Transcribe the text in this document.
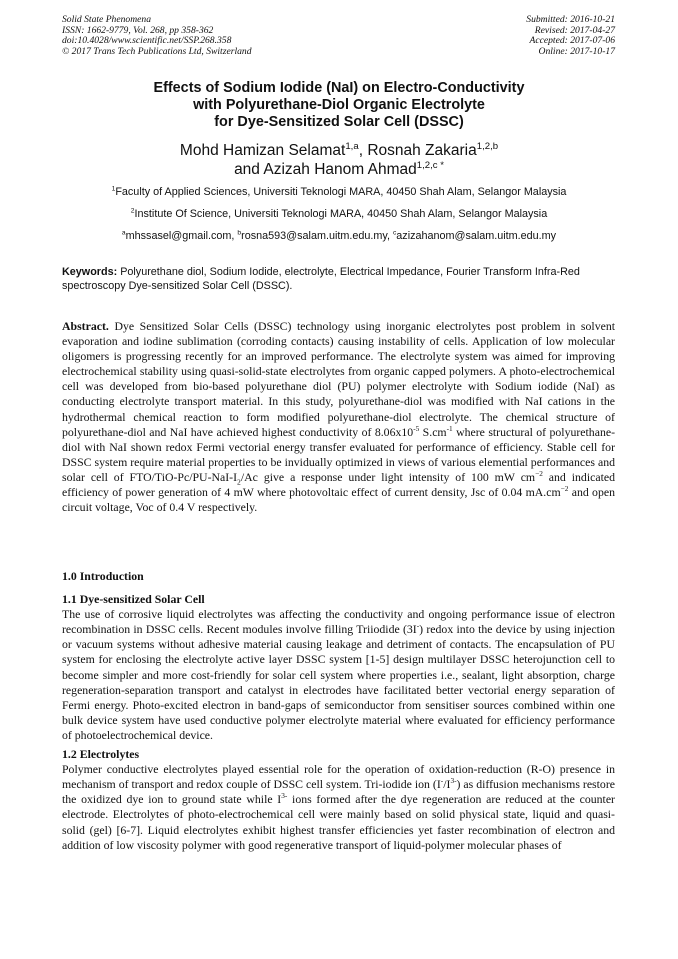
Solid State Phenomena
ISSN: 1662-9779, Vol. 268, pp 358-362
doi:10.4028/www.scientific.net/SSP.268.358
© 2017 Trans Tech Publications Ltd, Switzerland
Submitted: 2016-10-21
Revised: 2017-04-27
Accepted: 2017-07-06
Online: 2017-10-17
Effects of Sodium Iodide (NaI) on Electro-Conductivity
with Polyurethane-Diol Organic Electrolyte
for Dye-Sensitized Solar Cell (DSSC)
Mohd Hamizan Selamat$^{1,a}$, Rosnah Zakaria$^{1,2,b}$
and Azizah Hanom Ahmad$^{1,2,c *}$
$^1$Faculty of Applied Sciences, Universiti Teknologi MARA, 40450 Shah Alam, Selangor Malaysia
$^2$Institute Of Science, Universiti Teknologi MARA, 40450 Shah Alam, Selangor Malaysia
$^a$mhssasel@gmail.com, $^b$rosna593@salam.uitm.edu.my, $^c$azizahanom@salam.uitm.edu.my
Keywords: Polyurethane diol, Sodium Iodide, electrolyte, Electrical Impedance, Fourier Transform Infra-Red spectroscopy Dye-sensitized Solar Cell (DSSC).
Abstract. Dye Sensitized Solar Cells (DSSC) technology using inorganic electrolytes post problem in solvent evaporation and iodine sublimation (corroding contacts) causing instability of cells. Application of low molecular oligomers is progressing recently for an improved performance. The electrolyte system was aimed for improving electrochemical stability using quasi-solid-state electrolytes from organic capped polymers. A photo-electrochemical cell was developed from bio-based polyurethane diol (PU) polymer electrolyte with Sodium iodide (NaI) as conducting electrolyte transport material. In this study, polyurethane-diol was modified with NaI cations in the hydrothermal chemical reaction to form modified polyurethane-diol electrolyte. The chemical structure of polyurethane-diol and NaI have achieved highest conductivity of $8.06x10^{-5}$ $S.cm^{-1}$ where structural of polyurethane-diol with NaI shown redox Fermi vectorial energy transfer evaluated for performance of efficiency. Stable cell for DSSC system require material properties to be invidually optimized in views of various elemential performances and solar cell of FTO/$TiO-Pc/PU-NaI-I_2/Ac$ give a response under light intensity of 100 mW $cm^{-2}$ and indicated efficiency of power generation of 4 mW where photovoltaic effect of current density, Jsc of 0.04 $mA.cm^{-2}$ and open circuit voltage, Voc of 0.4 V respectively.

1.0 Introduction

1.1 Dye-sensitized Solar Cell

The use of corrosive liquid electrolytes was affecting the conductivity and ongoing performance issue of electron recombination in DSSC cells. Recent modules involve filling Triiodide (3I-) redox into the device by using injection or vacuum systems without adhesive material causing leakage and detriment of contacts. The encapsulation of PU system for enclosing the electrolyte active layer DSSC system [1-5] design multilayer DSSC heterojunction cell to become simpler and more cost-friendly for solar cell system where properties i.e., sealant, light absorption, charge regeneration-separation transport and catalyst in electrodes have facilitated better vectorial energy separation of Fermi energy. Photo-excited electron in band-gaps of semiconductor from sensitiser sources combined within one bulk device system have used conductive polymer electrolyte material where evaluated for efficiency performance of photoelectrochemical device.

1.2 Electrolytes

Polymer conductive electrolytes played essential role for the operation of oxidation-reduction (R-O) presence in mechanism of transport and redox couple of DSSC cell system. Tri-iodide ion $(I^-/I^{3-})$ as diffusion mechanisms restore the oxidized dye ion to ground state while $I^{3-}$ ions formed after the dye regeneration are reduced at the counter electrode. Electrolytes of photo-electrochemical cell were mainly based on solid physical state, liquid and quasi-solid (gel) [6-7]. Liquid electrolytes exhibit highest transfer efficiencies yet faster recombination of electron and addition of low viscosity polymer with good regenerative transport of liquid-polymer molecular phases of
